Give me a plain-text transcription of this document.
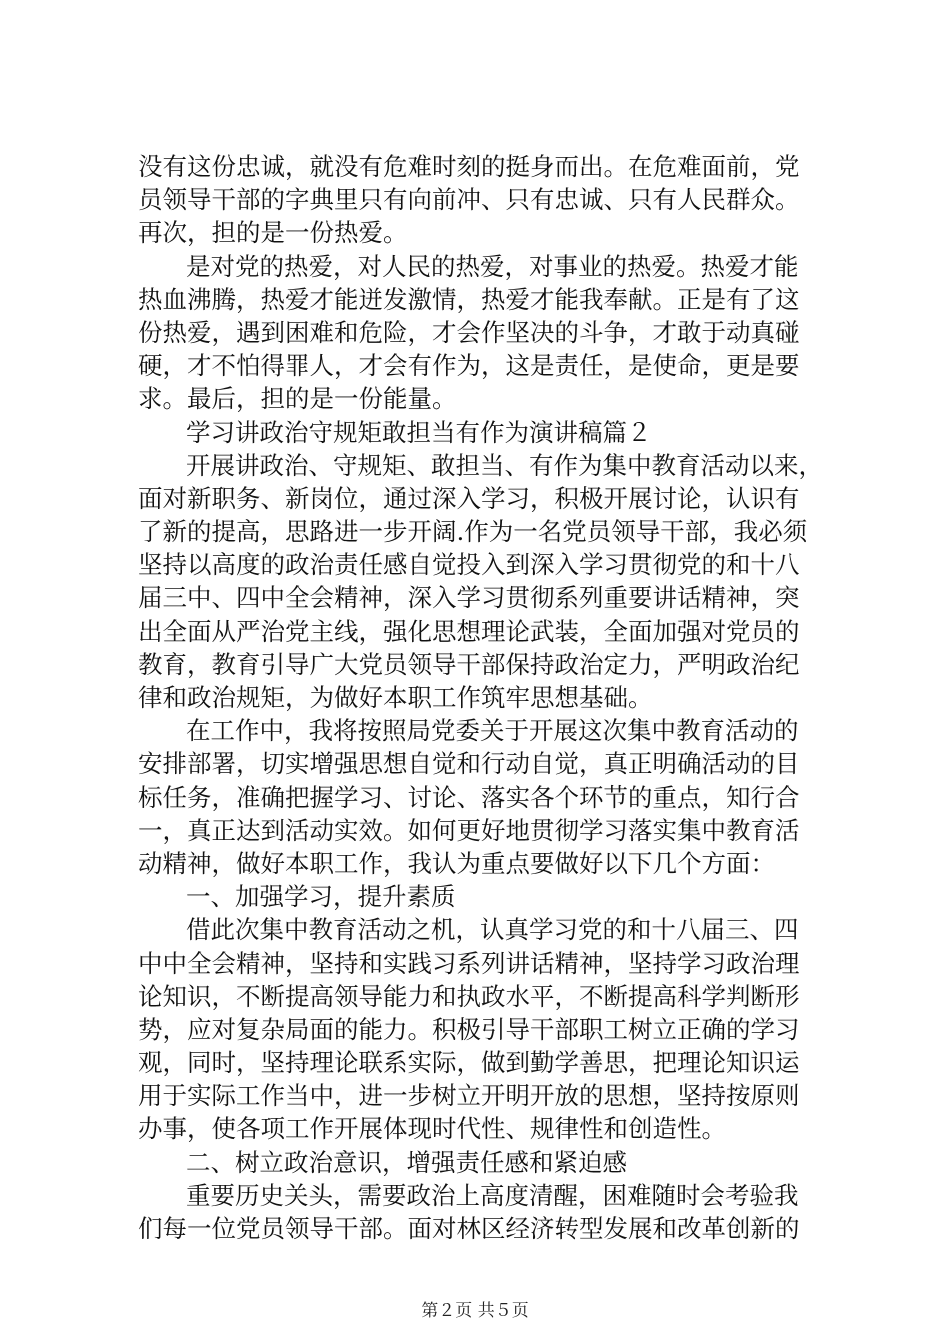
没有这份忠诚，就没有危难时刻的挺身而出。在危难面前，党
员领导干部的字典里只有向前冲、只有忠诚、只有人民群众。
再次，担的是一份热爱。
是对党的热爱，对人民的热爱，对事业的热爱。热爱才能
热血沸腾，热爱才能迸发激情，热爱才能我奉献。正是有了这
份热爱，遇到困难和危险，才会作坚决的斗争，才敢于动真碰
硬，才不怕得罪人，才会有作为，这是责任，是使命，更是要
求。最后，担的是一份能量。
学习讲政治守规矩敢担当有作为演讲稿篇２
开展讲政治、守规矩、敢担当、有作为集中教育活动以来，
面对新职务、新岗位，通过深入学习，积极开展讨论，认识有
了新的提高，思路进一步开阔.作为一名党员领导干部，我必须
坚持以高度的政治责任感自觉投入到深入学习贯彻党的和十八
届三中、四中全会精神，深入学习贯彻系列重要讲话精神，突
出全面从严治党主线，强化思想理论武装，全面加强对党员的
教育，教育引导广大党员领导干部保持政治定力，严明政治纪
律和政治规矩，为做好本职工作筑牢思想基础。
在工作中，我将按照局党委关于开展这次集中教育活动的
安排部署，切实增强思想自觉和行动自觉，真正明确活动的目
标任务，准确把握学习、讨论、落实各个环节的重点，知行合
一，真正达到活动实效。如何更好地贯彻学习落实集中教育活
动精神，做好本职工作，我认为重点要做好以下几个方面：
一、加强学习，提升素质
借此次集中教育活动之机，认真学习党的和十八届三、四
中中全会精神，坚持和实践习系列讲话精神，坚持学习政治理
论知识，不断提高领导能力和执政水平，不断提高科学判断形
势，应对复杂局面的能力。积极引导干部职工树立正确的学习
观，同时，坚持理论联系实际，做到勤学善思，把理论知识运
用于实际工作当中，进一步树立开明开放的思想，坚持按原则
办事，使各项工作开展体现时代性、规律性和创造性。
二、树立政治意识，增强责任感和紧迫感
重要历史关头，需要政治上高度清醒，困难随时会考验我
们每一位党员领导干部。面对林区经济转型发展和改革创新的
第２页 共５页
